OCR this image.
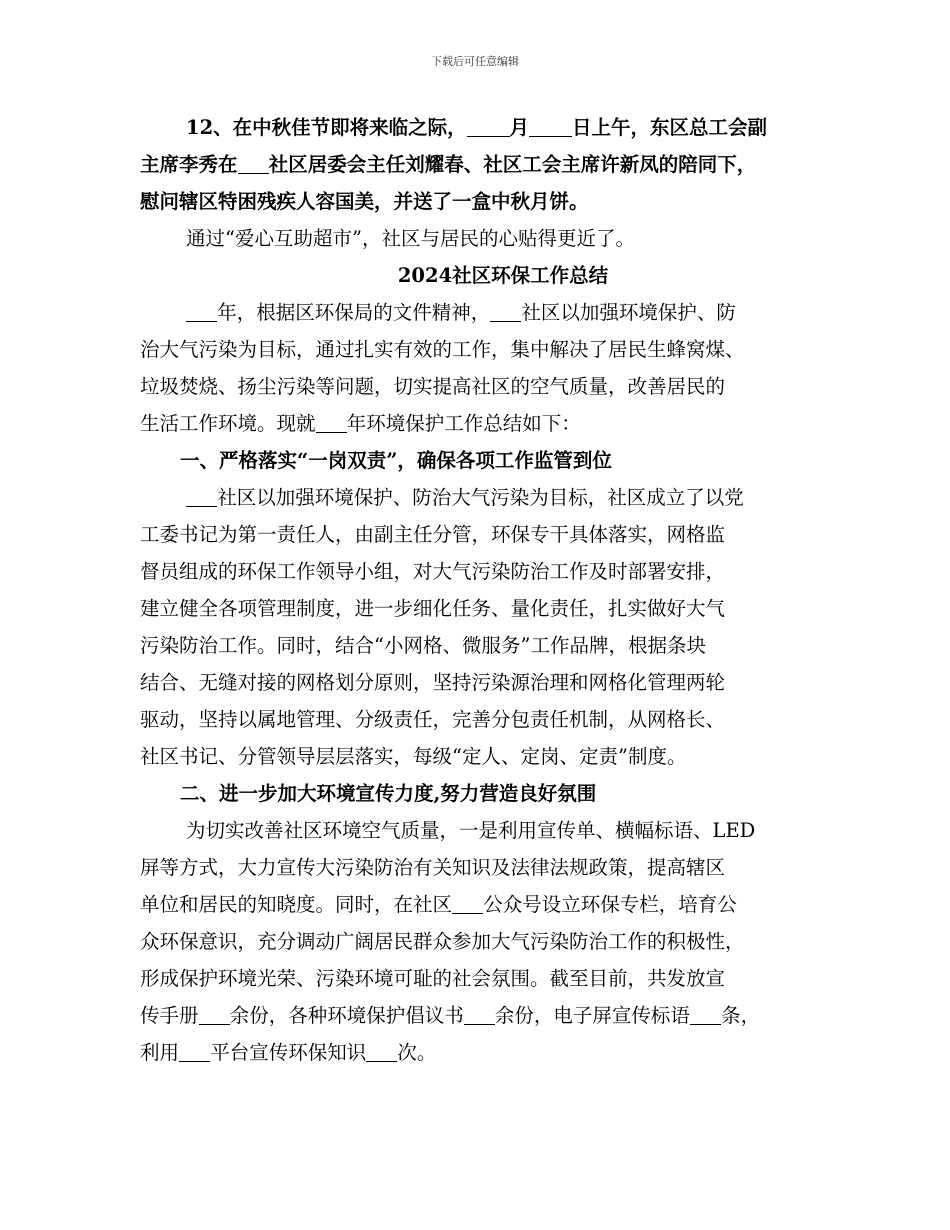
下载后可任意编辑
12、在中秋佳节即将来临之际， 月 日上午，东区总工会副
主席李秀在 社区居委会主任刘耀春、社区工会主席许新凤的陪同下，
慰问辖区特困残疾人容国美，并送了一盒中秋月饼。
通过“爱心互助超市”，社区与居民的心贴得更近了。
2024社区环保工作总结
年，根据区环保局的文件精神， 社区以加强环境保护、防
治大气污染为目标，通过扎实有效的工作，集中解决了居民生蜂窝煤、
垃圾焚烧、扬尘污染等问题，切实提高社区的空气质量，改善居民的
生活工作环境。现就 年环境保护工作总结如下：
一、严格落实“一岗双责”，确保各项工作监管到位
社区以加强环境保护、防治大气污染为目标，社区成立了以党
工委书记为第一责任人，由副主任分管，环保专干具体落实，网格监
督员组成的环保工作领导小组，对大气污染防治工作及时部署安排，
建立健全各项管理制度，进一步细化任务、量化责任，扎实做好大气
污染防治工作。同时，结合“小网格、微服务”工作品牌，根据条块
结合、无缝对接的网格划分原则，坚持污染源治理和网格化管理两轮
驱动，坚持以属地管理、分级责任，完善分包责任机制，从网格长、
社区书记、分管领导层层落实，每级“定人、定岗、定责”制度。
二、进一步加大环境宣传力度,努力营造良好氛围
为切实改善社区环境空气质量，一是利用宣传单、横幅标语、LED
屏等方式，大力宣传大污染防治有关知识及法律法规政策，提高辖区
单位和居民的知晓度。同时，在社区 公众号设立环保专栏，培育公
众环保意识，充分调动广阔居民群众参加大气污染防治工作的积极性，
形成保护环境光荣、污染环境可耻的社会氛围。截至目前，共发放宣
传手册 余份，各种环境保护倡议书 余份，电子屏宣传标语 条，
利用 平台宣传环保知识 次。
